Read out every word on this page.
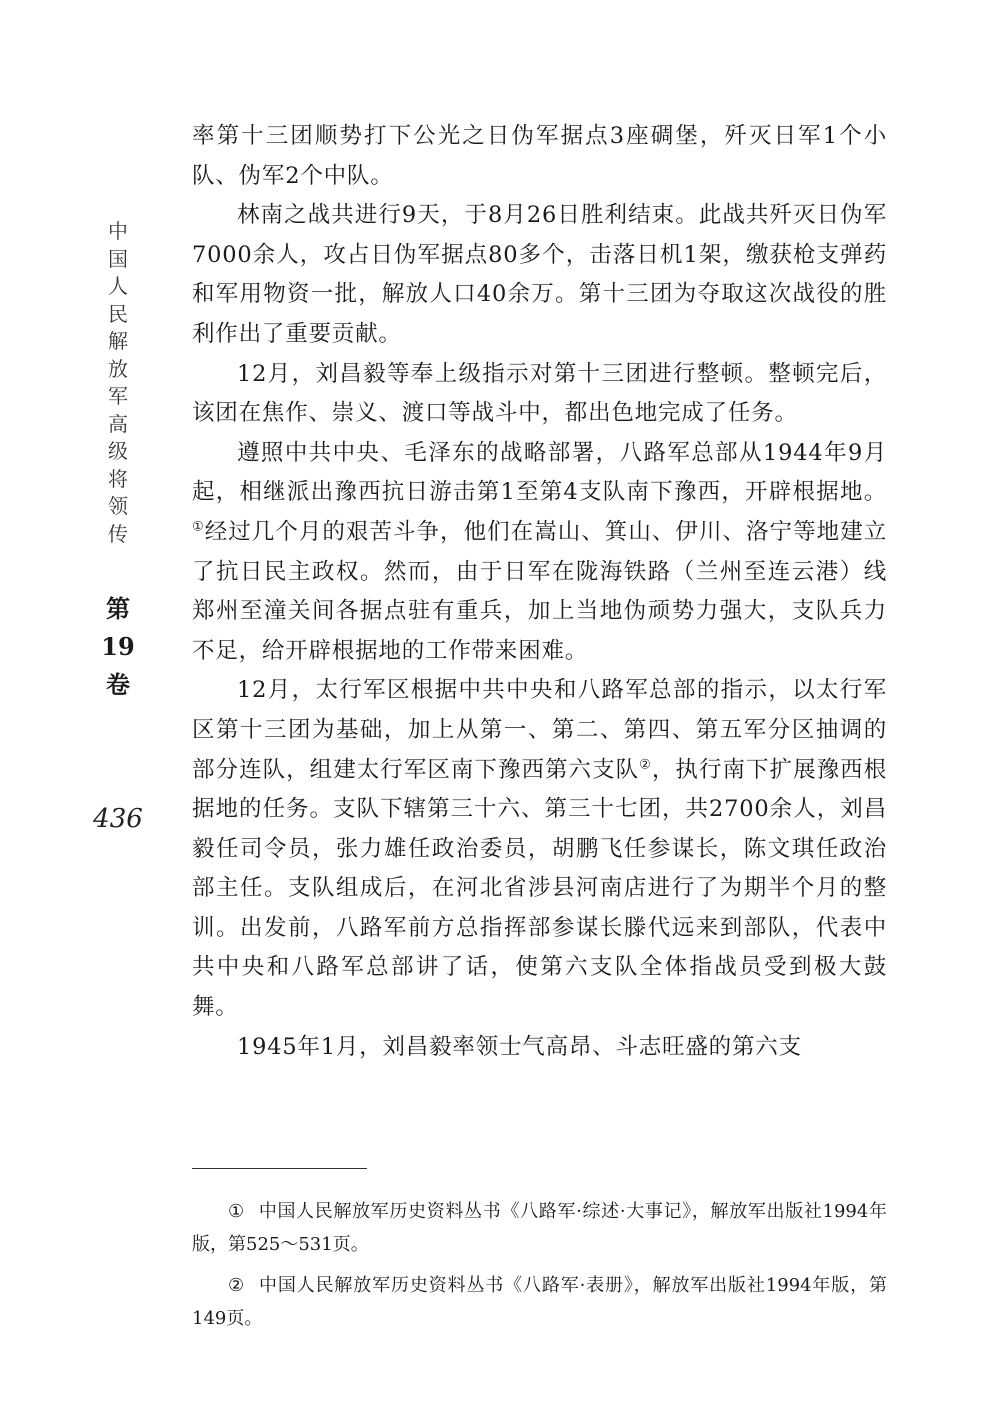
中国人民解放军高级将领传
第19卷
436

率第十三团顺势打下公光之日伪军据点3座碉堡，歼灭日军1个小队、伪军2个中队。

林南之战共进行9天，于8月26日胜利结束。此战共歼灭日伪军7000余人，攻占日伪军据点80多个，击落日机1架，缴获枪支弹药和军用物资一批，解放人口40余万。第十三团为夺取这次战役的胜利作出了重要贡献。

12月，刘昌毅等奉上级指示对第十三团进行整顿。整顿完后，该团在焦作、崇义、渡口等战斗中，都出色地完成了任务。

遵照中共中央、毛泽东的战略部署，八路军总部从1944年9月起，相继派出豫西抗日游击第1至第4支队南下豫西，开辟根据地。①经过几个月的艰苦斗争，他们在嵩山、箕山、伊川、洛宁等地建立了抗日民主政权。然而，由于日军在陇海铁路（兰州至连云港）线郑州至潼关间各据点驻有重兵，加上当地伪顽势力强大，支队兵力不足，给开辟根据地的工作带来困难。

12月，太行军区根据中共中央和八路军总部的指示，以太行军区第十三团为基础，加上从第一、第二、第四、第五军分区抽调的部分连队，组建太行军区南下豫西第六支队②，执行南下扩展豫西根据地的任务。支队下辖第三十六、第三十七团，共2700余人，刘昌毅任司令员，张力雄任政治委员，胡鹏飞任参谋长，陈文琪任政治部主任。支队组成后，在河北省涉县河南店进行了为期半个月的整训。出发前，八路军前方总指挥部参谋长滕代远来到部队，代表中共中央和八路军总部讲了话，使第六支队全体指战员受到极大鼓舞。

1945年1月，刘昌毅率领士气高昂、斗志旺盛的第六支

① 中国人民解放军历史资料丛书《八路军·综述·大事记》，解放军出版社1994年版，第525～531页。

② 中国人民解放军历史资料丛书《八路军·表册》，解放军出版社1994年版，第149页。
